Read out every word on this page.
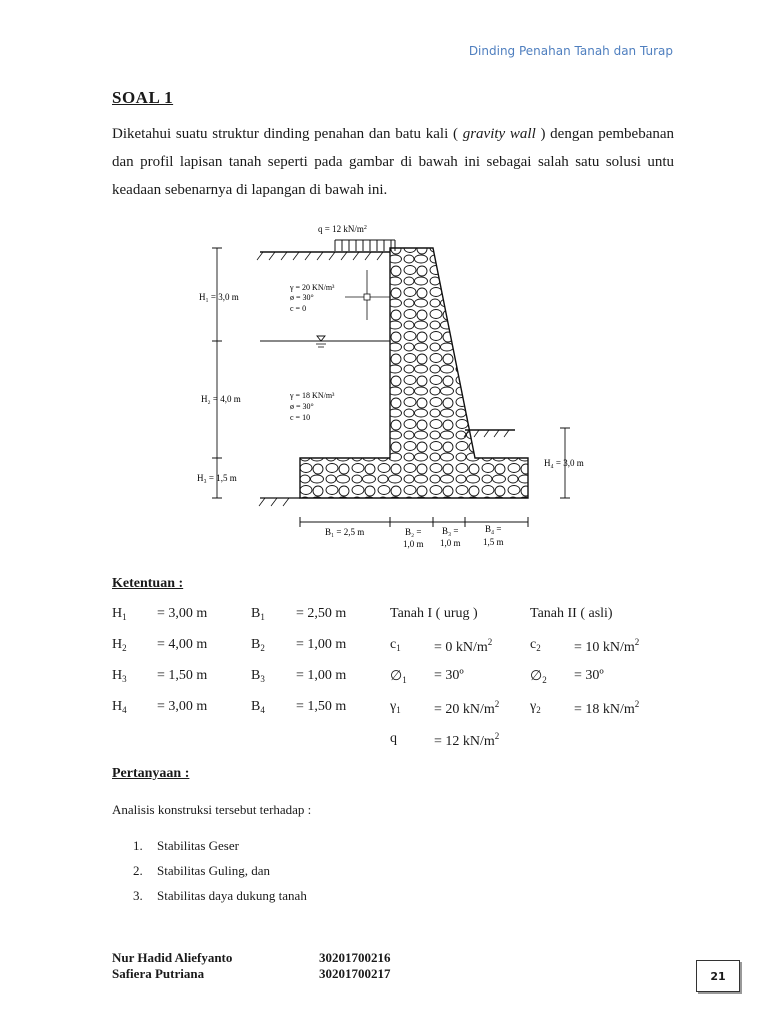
Dinding Penahan Tanah dan Turap
SOAL 1
Diketahui suatu struktur dinding penahan dan batu kali ( gravity wall ) dengan pembebanan dan profil lapisan tanah seperti pada gambar di bawah ini sebagai salah satu solusi untu keadaan sebenarnya di lapangan di bawah ini.
q = 12 $kN/m^2$
H₁ = 3,0 m
H₂ = 4,0 m
H₃ = 1,5 m
H₄ = 3,0 m
γ = 20 KN/m³
ø = 30°
c = 0
γ = 18 KN/m³
ø = 30°
c = 10
B₁ = 2,5 m	B₂ =
1,0 m
B₃ =
1,0 m
B₄ =
1,5 m
Ketentuan :
$H_1 = 3,00$ m	$B_1 = 2,50$ m	Tanah I ( urug )	Tanah II ( asli)
$H_2 = 4,00$ m	$B_2 = 1,00$ m	$c_1 = 0$ $kN/m^2$	$c_2 = 10$ $kN/m^2$
$H_3 = 1,50$ m	$B_3 = 1,00$ m	$\emptyset_1$ = 30º	$\emptyset_2$ = 30º
$H_4 = 3,00$ m	$B_4 = 1,50$ m	$\gamma_1 = 20$ $kN/m^2$ $\gamma_2 = 18$ $kN/m^2$
q	= 12 $kN/m^2$
Pertanyaan :
Analisis konstruksi tersebut terhadap :
1. Stabilitas Geser
2. Stabilitas Guling, dan
3. Stabilitas daya dukung tanah
Nur Hadid Aliefyanto	30201700216
Safiera Putriana	30201700217	21
